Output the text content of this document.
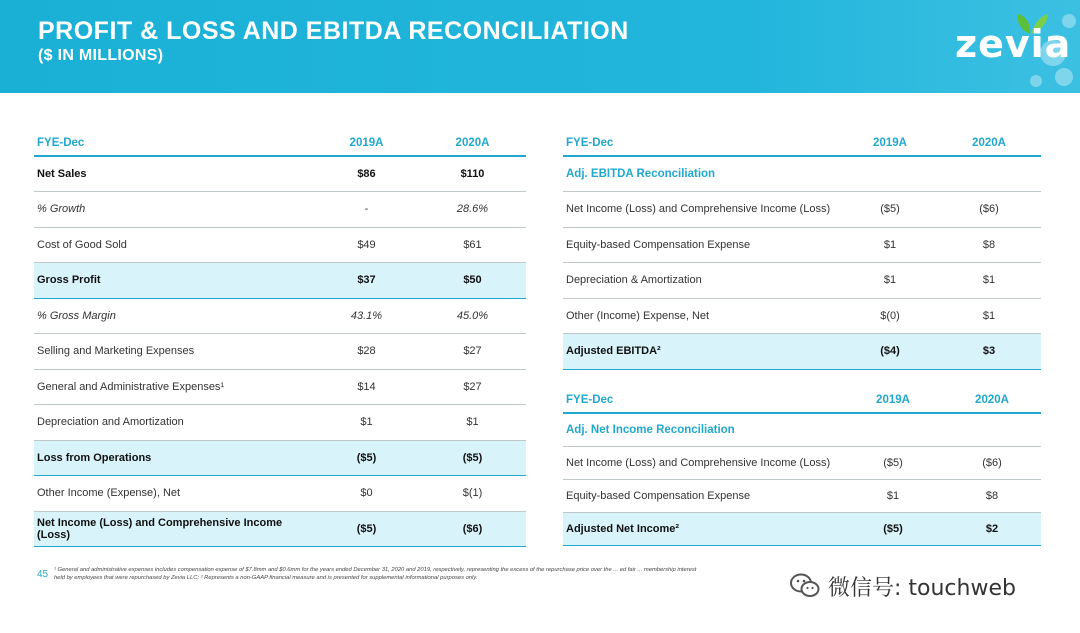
PROFIT & LOSS AND EBITDA RECONCILIATION
($ IN MILLIONS)	zevia
FYE-Dec	2019A	2020A
Net Sales	$86	$110
% Growth	-	28.6%
Cost of Good Sold	$49	$61
Gross Profit	$37	$50
% Gross Margin	43.1%	45.0%
Selling and Marketing Expenses	$28	$27
General and Administrative Expenses¹	$14	$27
Depreciation and Amortization	$1	$1
Loss from Operations	($5)	($5)
Other Income (Expense), Net	$0	$(1)
Net Income (Loss) and Comprehensive Income (Loss)	($5)	($6)
FYE-Dec	2019A	2020A
Adj. EBITDA Reconciliation		
Net Income (Loss) and Comprehensive Income (Loss)	($5)	($6)
Equity-based Compensation Expense	$1	$8
Depreciation & Amortization	$1	$1
Other (Income) Expense, Net	$(0)	$1
Adjusted EBITDA²	($4)	$3
FYE-Dec	2019A	2020A
Adj. Net Income Reconciliation		
Net Income (Loss) and Comprehensive Income (Loss)	($5)	($6)
Equity-based Compensation Expense	$1	$8
Adjusted Net Income²	($5)	$2
45 ¹ General and administrative expenses includes compensation expense of $7.8mm and $0.6mm for the years ended December 31, 2020 and 2019, respectively, representing the excess of the repurchase price over the ... ed fair ... membership interest
held by employees that were repurchased by Zevia LLC; ² Represents a non-GAAP financial measure and is presented for supplemental informational purposes only.	微信号: touchweb
